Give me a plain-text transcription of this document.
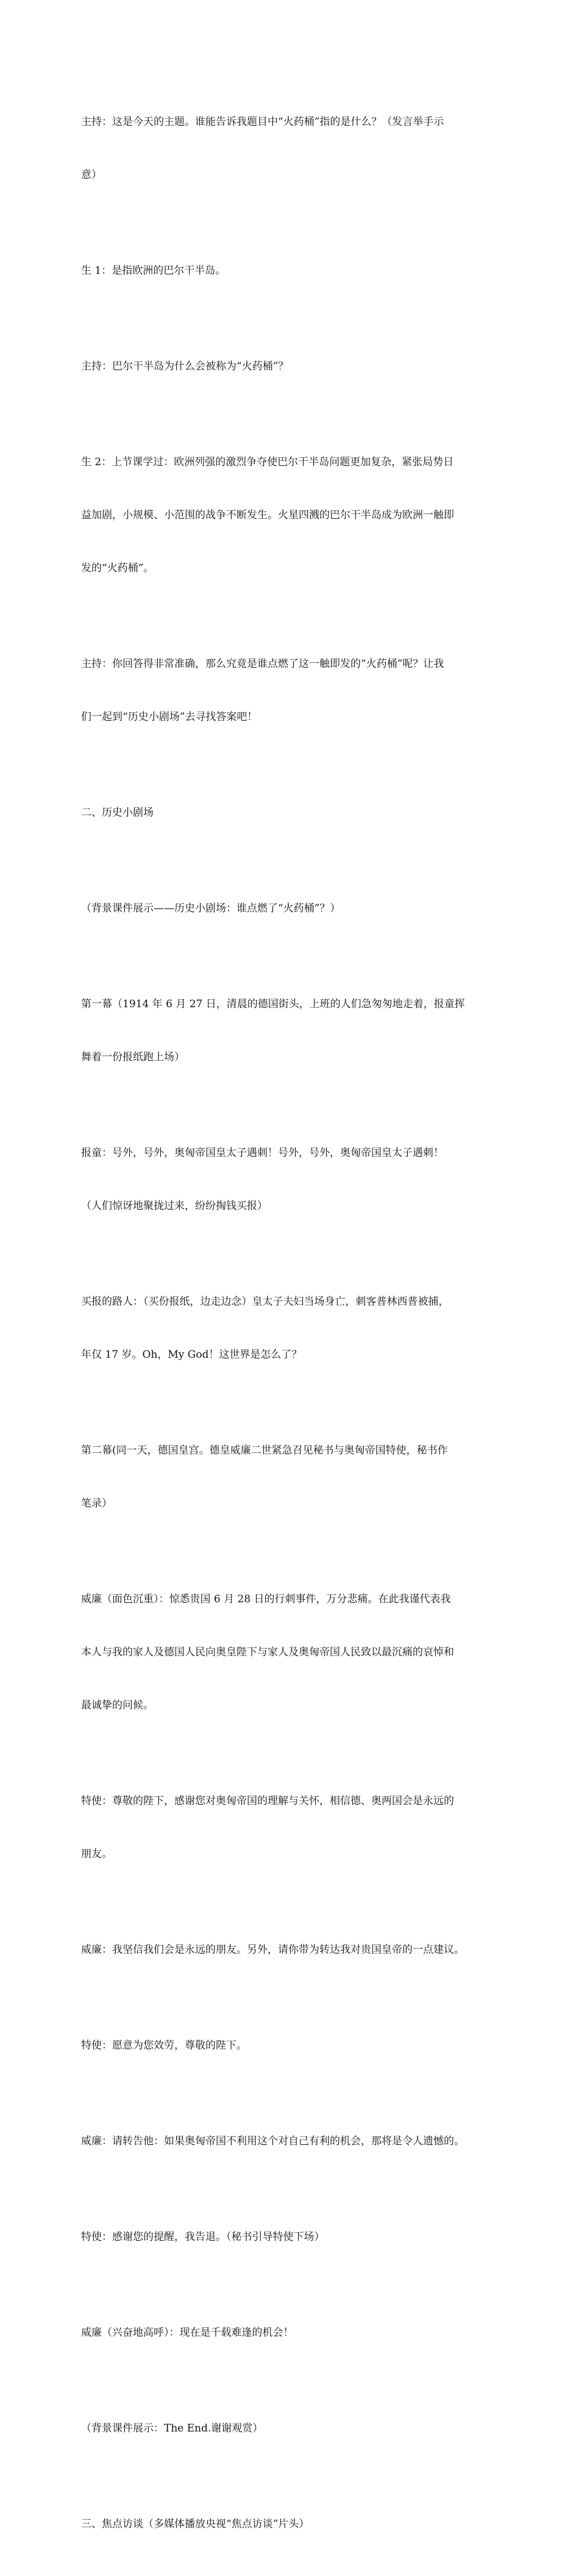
主持：这是今天的主题。谁能告诉我题目中“火药桶”指的是什么？（发言举手示

意）

生 1：是指欧洲的巴尔干半岛。

主持：巴尔干半岛为什么会被称为“火药桶”？

生 2：上节课学过：欧洲列强的激烈争夺使巴尔干半岛问题更加复杂，紧张局势日

益加剧，小规模、小范围的战争不断发生。火星四溅的巴尔干半岛成为欧洲一触即

发的“火药桶”。

主持：你回答得非常准确，那么究竟是谁点燃了这一触即发的“火药桶”呢？让我

们一起到“历史小剧场”去寻找答案吧！

二、历史小剧场

（背景课件展示——历史小剧场：谁点燃了“火药桶”？）

第一幕（1914 年 6 月 27 日，清晨的德国街头，上班的人们急匆匆地走着，报童挥

舞着一份报纸跑上场）

报童：号外，号外，奥匈帝国皇太子遇刺！号外，号外，奥匈帝国皇太子遇刺！

（人们惊讶地聚拢过来，纷纷掏钱买报）

买报的路人：（买份报纸，边走边念）皇太子夫妇当场身亡，刺客普林西普被捕，

年仅 17 岁。Oh，My God！这世界是怎么了？

第二幕(同一天，德国皇宫。德皇威廉二世紧急召见秘书与奥匈帝国特使，秘书作

笔录）

威廉（面色沉重）：惊悉贵国 6 月 28 日的行刺事件，万分悲痛。在此我谨代表我

本人与我的家人及德国人民向奥皇陛下与家人及奥匈帝国人民致以最沉痛的哀悼和

最诚挚的问候。

特使：尊敬的陛下，感谢您对奥匈帝国的理解与关怀，相信德、奥两国会是永远的

朋友。

威廉：我坚信我们会是永远的朋友。另外，请你带为转达我对贵国皇帝的一点建议。

特使：愿意为您效劳，尊敬的陛下。

威廉：请转告他：如果奥匈帝国不利用这个对自己有利的机会，那将是令人遗憾的。

特使：感谢您的提醒，我告退。（秘书引导特使下场）

威廉（兴奋地高呼）：现在是千载难逢的机会！

（背景课件展示：The End.谢谢观赏）

三、焦点访谈（多媒体播放央视“焦点访谈”片头）
